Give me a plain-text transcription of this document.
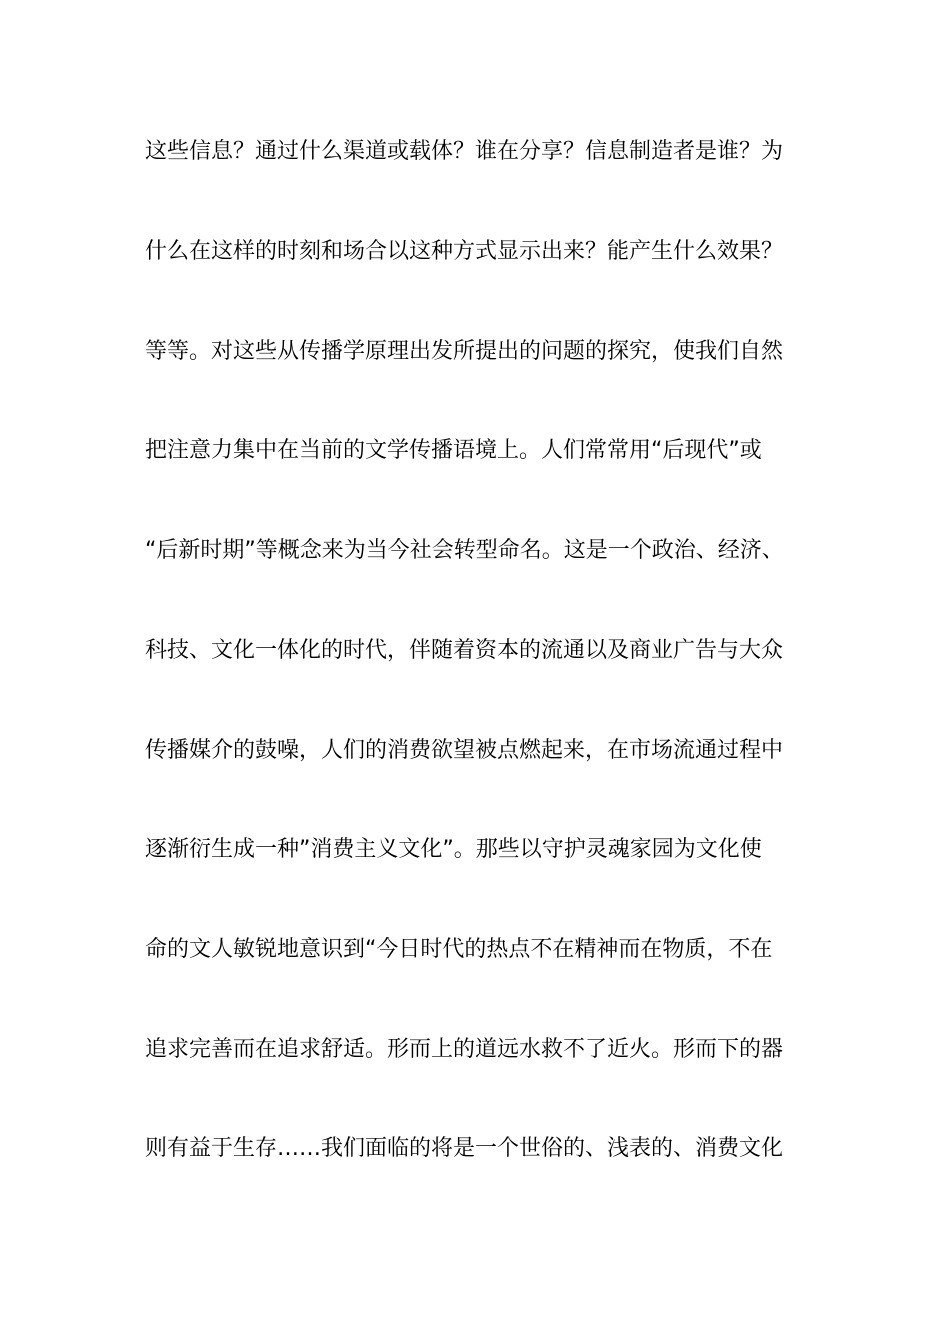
这些信息？通过什么渠道或载体？谁在分享？信息制造者是谁？为
什么在这样的时刻和场合以这种方式显示出来？能产生什么效果？
等等。对这些从传播学原理出发所提出的问题的探究，使我们自然
把注意力集中在当前的文学传播语境上。人们常常用“后现代”或
“后新时期”等概念来为当今社会转型命名。这是一个政治、经济、
科技、文化一体化的时代，伴随着资本的流通以及商业广告与大众
传播媒介的鼓噪，人们的消费欲望被点燃起来，在市场流通过程中
逐渐衍生成一种”消费主义文化”。那些以守护灵魂家园为文化使
命的文人敏锐地意识到“今日时代的热点不在精神而在物质，不在
追求完善而在追求舒适。形而上的道远水救不了近火。形而下的器
则有益于生存……我们面临的将是一个世俗的、浅表的、消费文化
